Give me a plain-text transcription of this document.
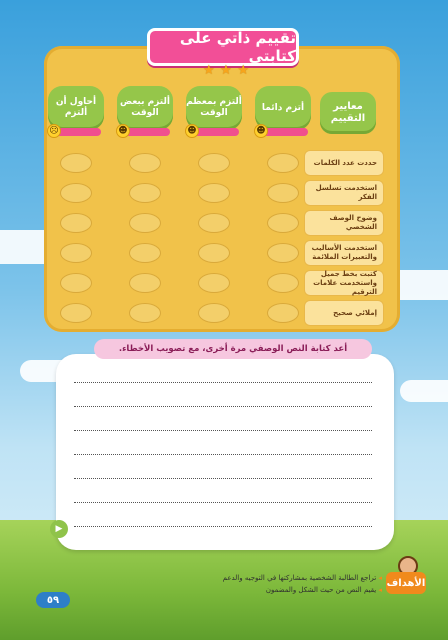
تقييم ذاتي على كتابتي
★ ★ ★
أتزم دائما
ألتزم بمعظم الوقت
ألتزم ببعض الوقت
أحاول أن ألتزم
معايير التقييم
☻
☻
☻
☹
حددت عدد الكلمات
استخدمت تسلسل الفكر
وضوح الوصف الشخصي
استخدمت الأساليب والتعبيرات الملائمة
كتبت بخط جميل واستخدمت علامات الترقيم
إملائي صحيح
أعد كتابة النص الوصفي مرة أخرى، مع تصويب الأخطاء.
▶
الأهداف
◂ تراجع الطالبة الشخصية بمشاركتها في التوجيه والدعم
◂ يقيم النص من حيث الشكل والمضمون
٥٩
